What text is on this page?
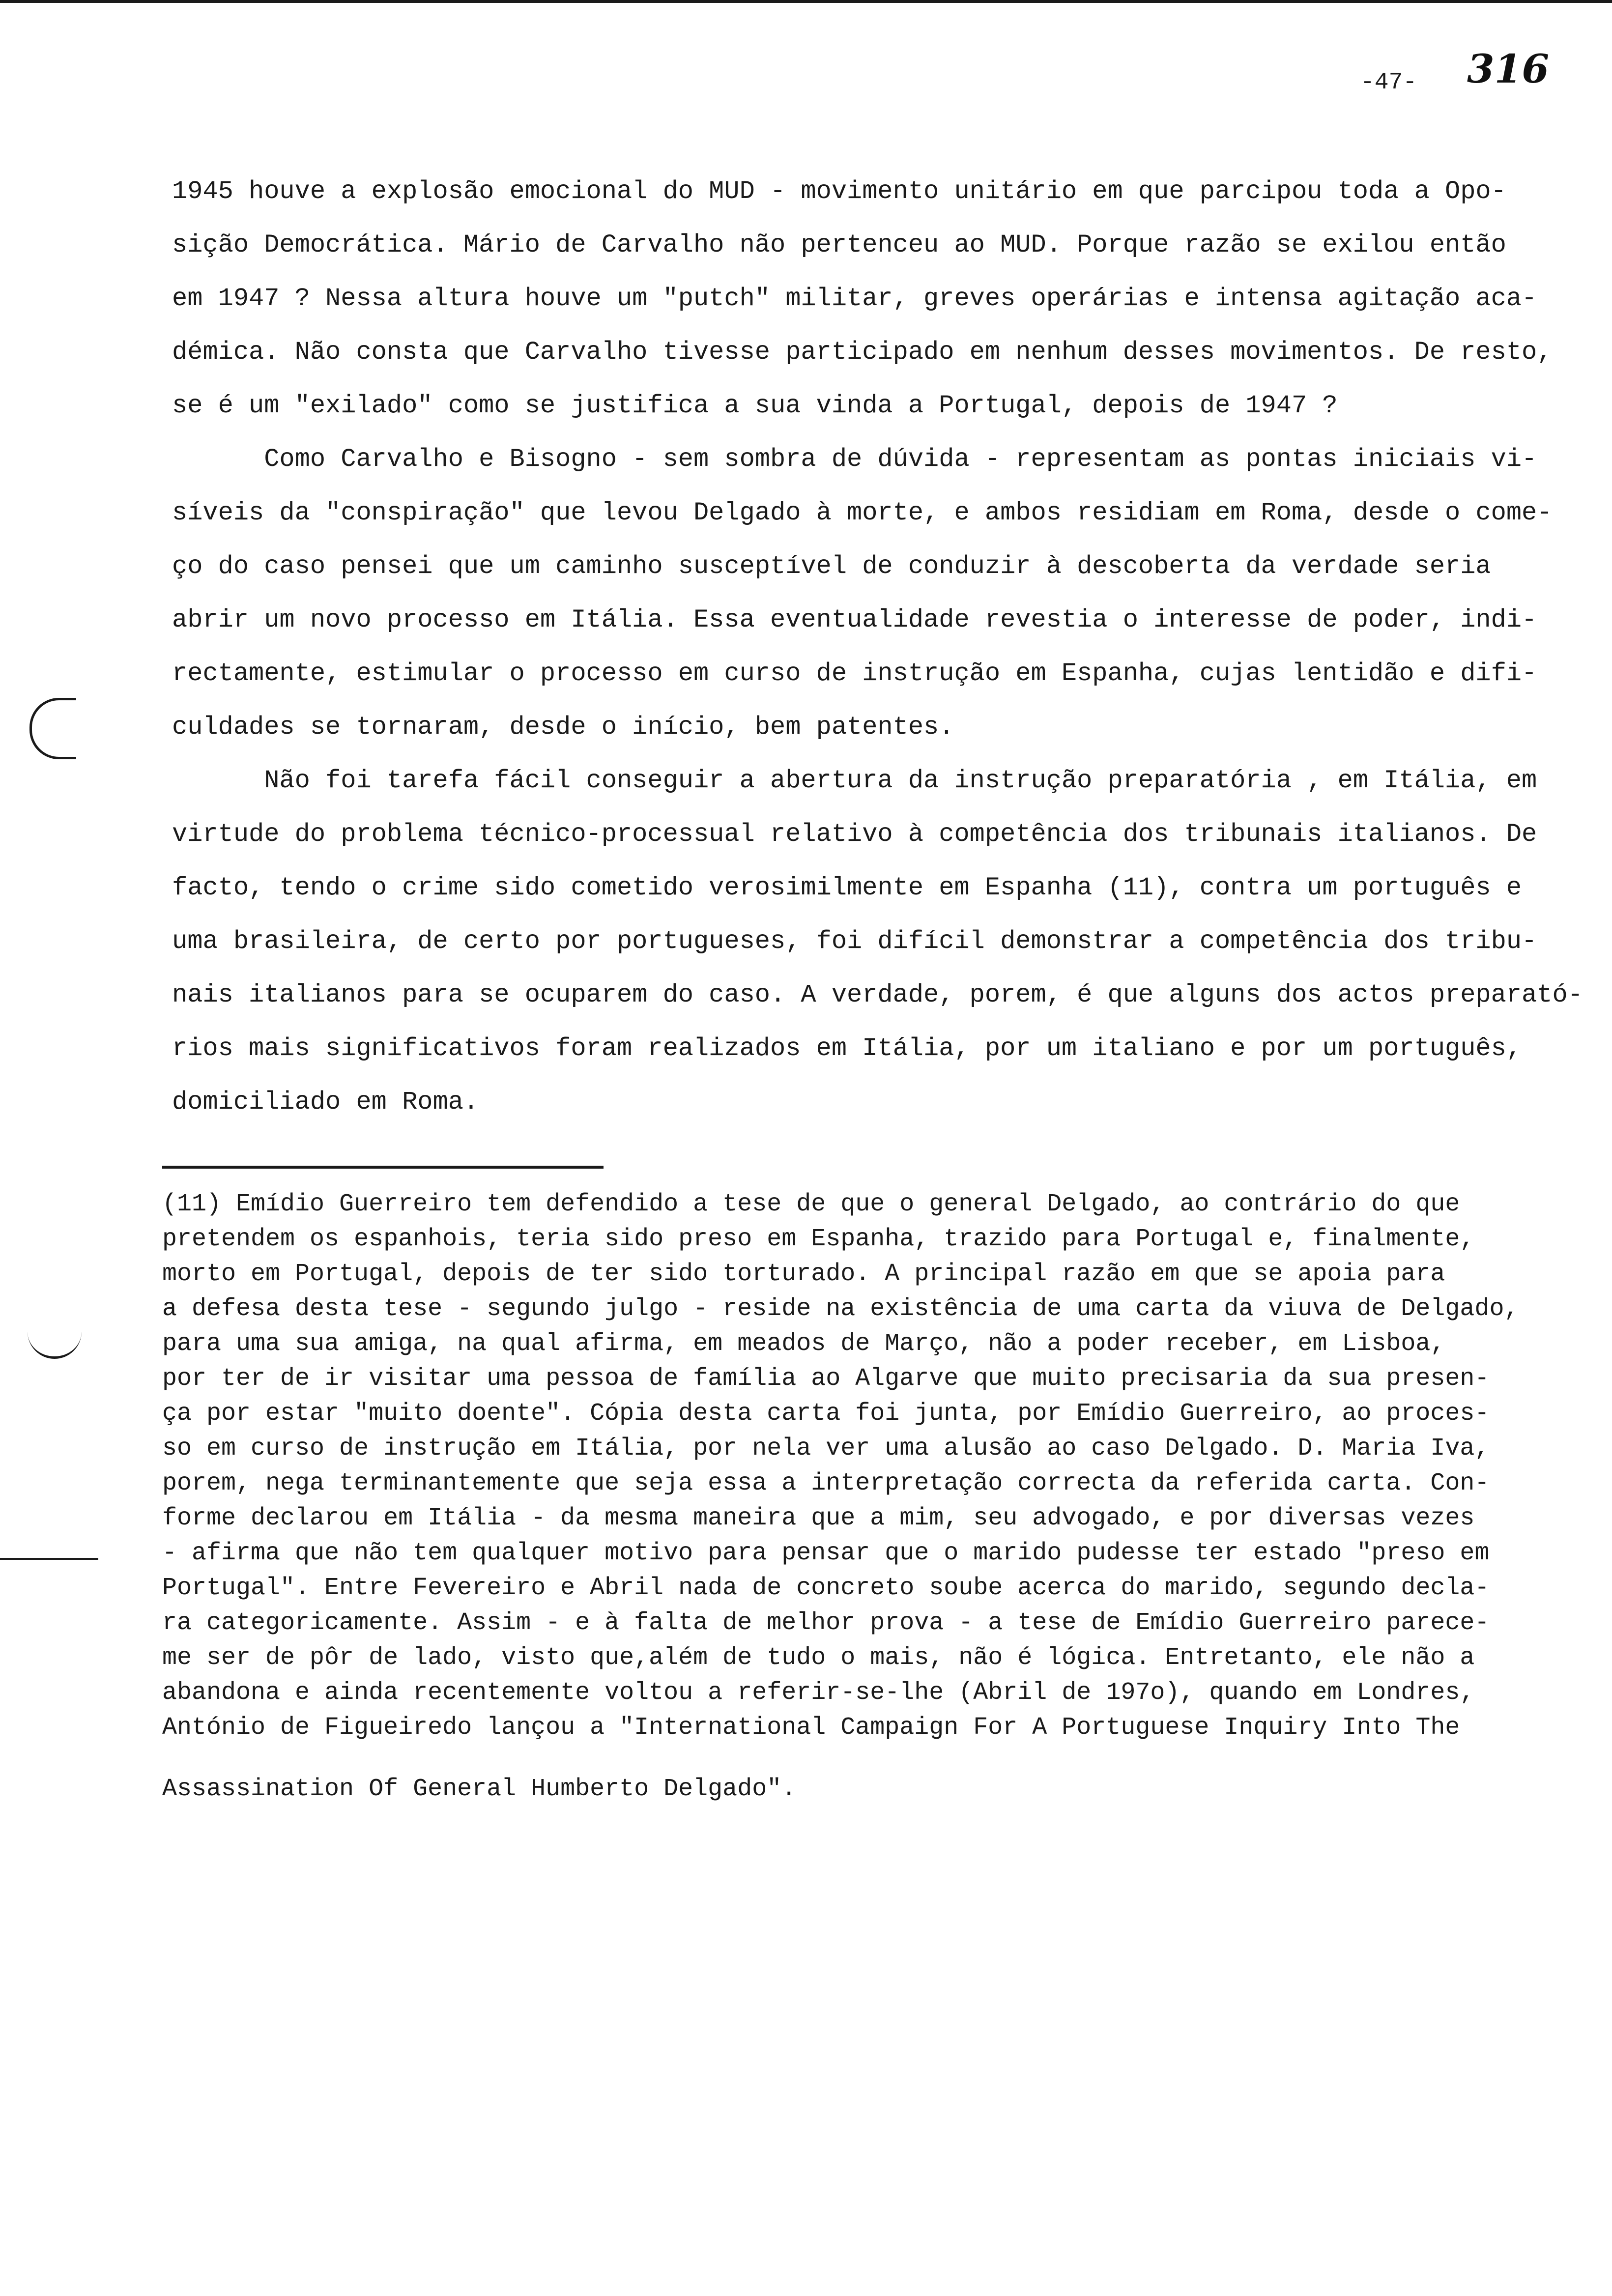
-47- 316
1945 houve a explosão emocional do MUD - movimento unitário em que parcipou toda a Opo-
sição Democrática. Mário de Carvalho não pertenceu ao MUD. Porque razão se exilou então
em 1947 ? Nessa altura houve um "putch" militar, greves operárias e intensa agitação aca-
démica. Não consta que Carvalho tivesse participado em nenhum desses movimentos. De resto,
se é um "exilado" como se justifica a sua vinda a Portugal, depois de 1947 ?
Como Carvalho e Bisogno - sem sombra de dúvida - representam as pontas iniciais vi-
síveis da "conspiração" que levou Delgado à morte, e ambos residiam em Roma, desde o come-
ço do caso pensei que um caminho susceptível de conduzir à descoberta da verdade seria
abrir um novo processo em Itália. Essa eventualidade revestia o interesse de poder, indi-
rectamente, estimular o processo em curso de instrução em Espanha, cujas lentidão e difi-
culdades se tornaram, desde o início, bem patentes.
Não foi tarefa fácil conseguir a abertura da instrução preparatória , em Itália, em
virtude do problema técnico-processual relativo à competência dos tribunais italianos. De
facto, tendo o crime sido cometido verosimilmente em Espanha (11), contra um português e
uma brasileira, de certo por portugueses, foi difícil demonstrar a competência dos tribu-
nais italianos para se ocuparem do caso. A verdade, porem, é que alguns dos actos preparató-
rios mais significativos foram realizados em Itália, por um italiano e por um português,
domiciliado em Roma.
(11) Emídio Guerreiro tem defendido a tese de que o general Delgado, ao contrário do que
pretendem os espanhois, teria sido preso em Espanha, trazido para Portugal e, finalmente,
morto em Portugal, depois de ter sido torturado. A principal razão em que se apoia para
a defesa desta tese - segundo julgo - reside na existência de uma carta da viuva de Delgado,
para uma sua amiga, na qual afirma, em meados de Março, não a poder receber, em Lisboa,
por ter de ir visitar uma pessoa de família ao Algarve que muito precisaria da sua presen-
ça por estar "muito doente". Cópia desta carta foi junta, por Emídio Guerreiro, ao proces-
so em curso de instrução em Itália, por nela ver uma alusão ao caso Delgado. D. Maria Iva,
porem, nega terminantemente que seja essa a interpretação correcta da referida carta. Con-
forme declarou em Itália - da mesma maneira que a mim, seu advogado, e por diversas vezes
- afirma que não tem qualquer motivo para pensar que o marido pudesse ter estado "preso em
Portugal". Entre Fevereiro e Abril nada de concreto soube acerca do marido, segundo decla-
ra categoricamente. Assim - e à falta de melhor prova - a tese de Emídio Guerreiro parece-
me ser de pôr de lado, visto que,além de tudo o mais, não é lógica. Entretanto, ele não a
abandona e ainda recentemente voltou a referir-se-lhe (Abril de 197o), quando em Londres,
António de Figueiredo lançou a "International Campaign For A Portuguese Inquiry Into The
Assassination Of General Humberto Delgado".
